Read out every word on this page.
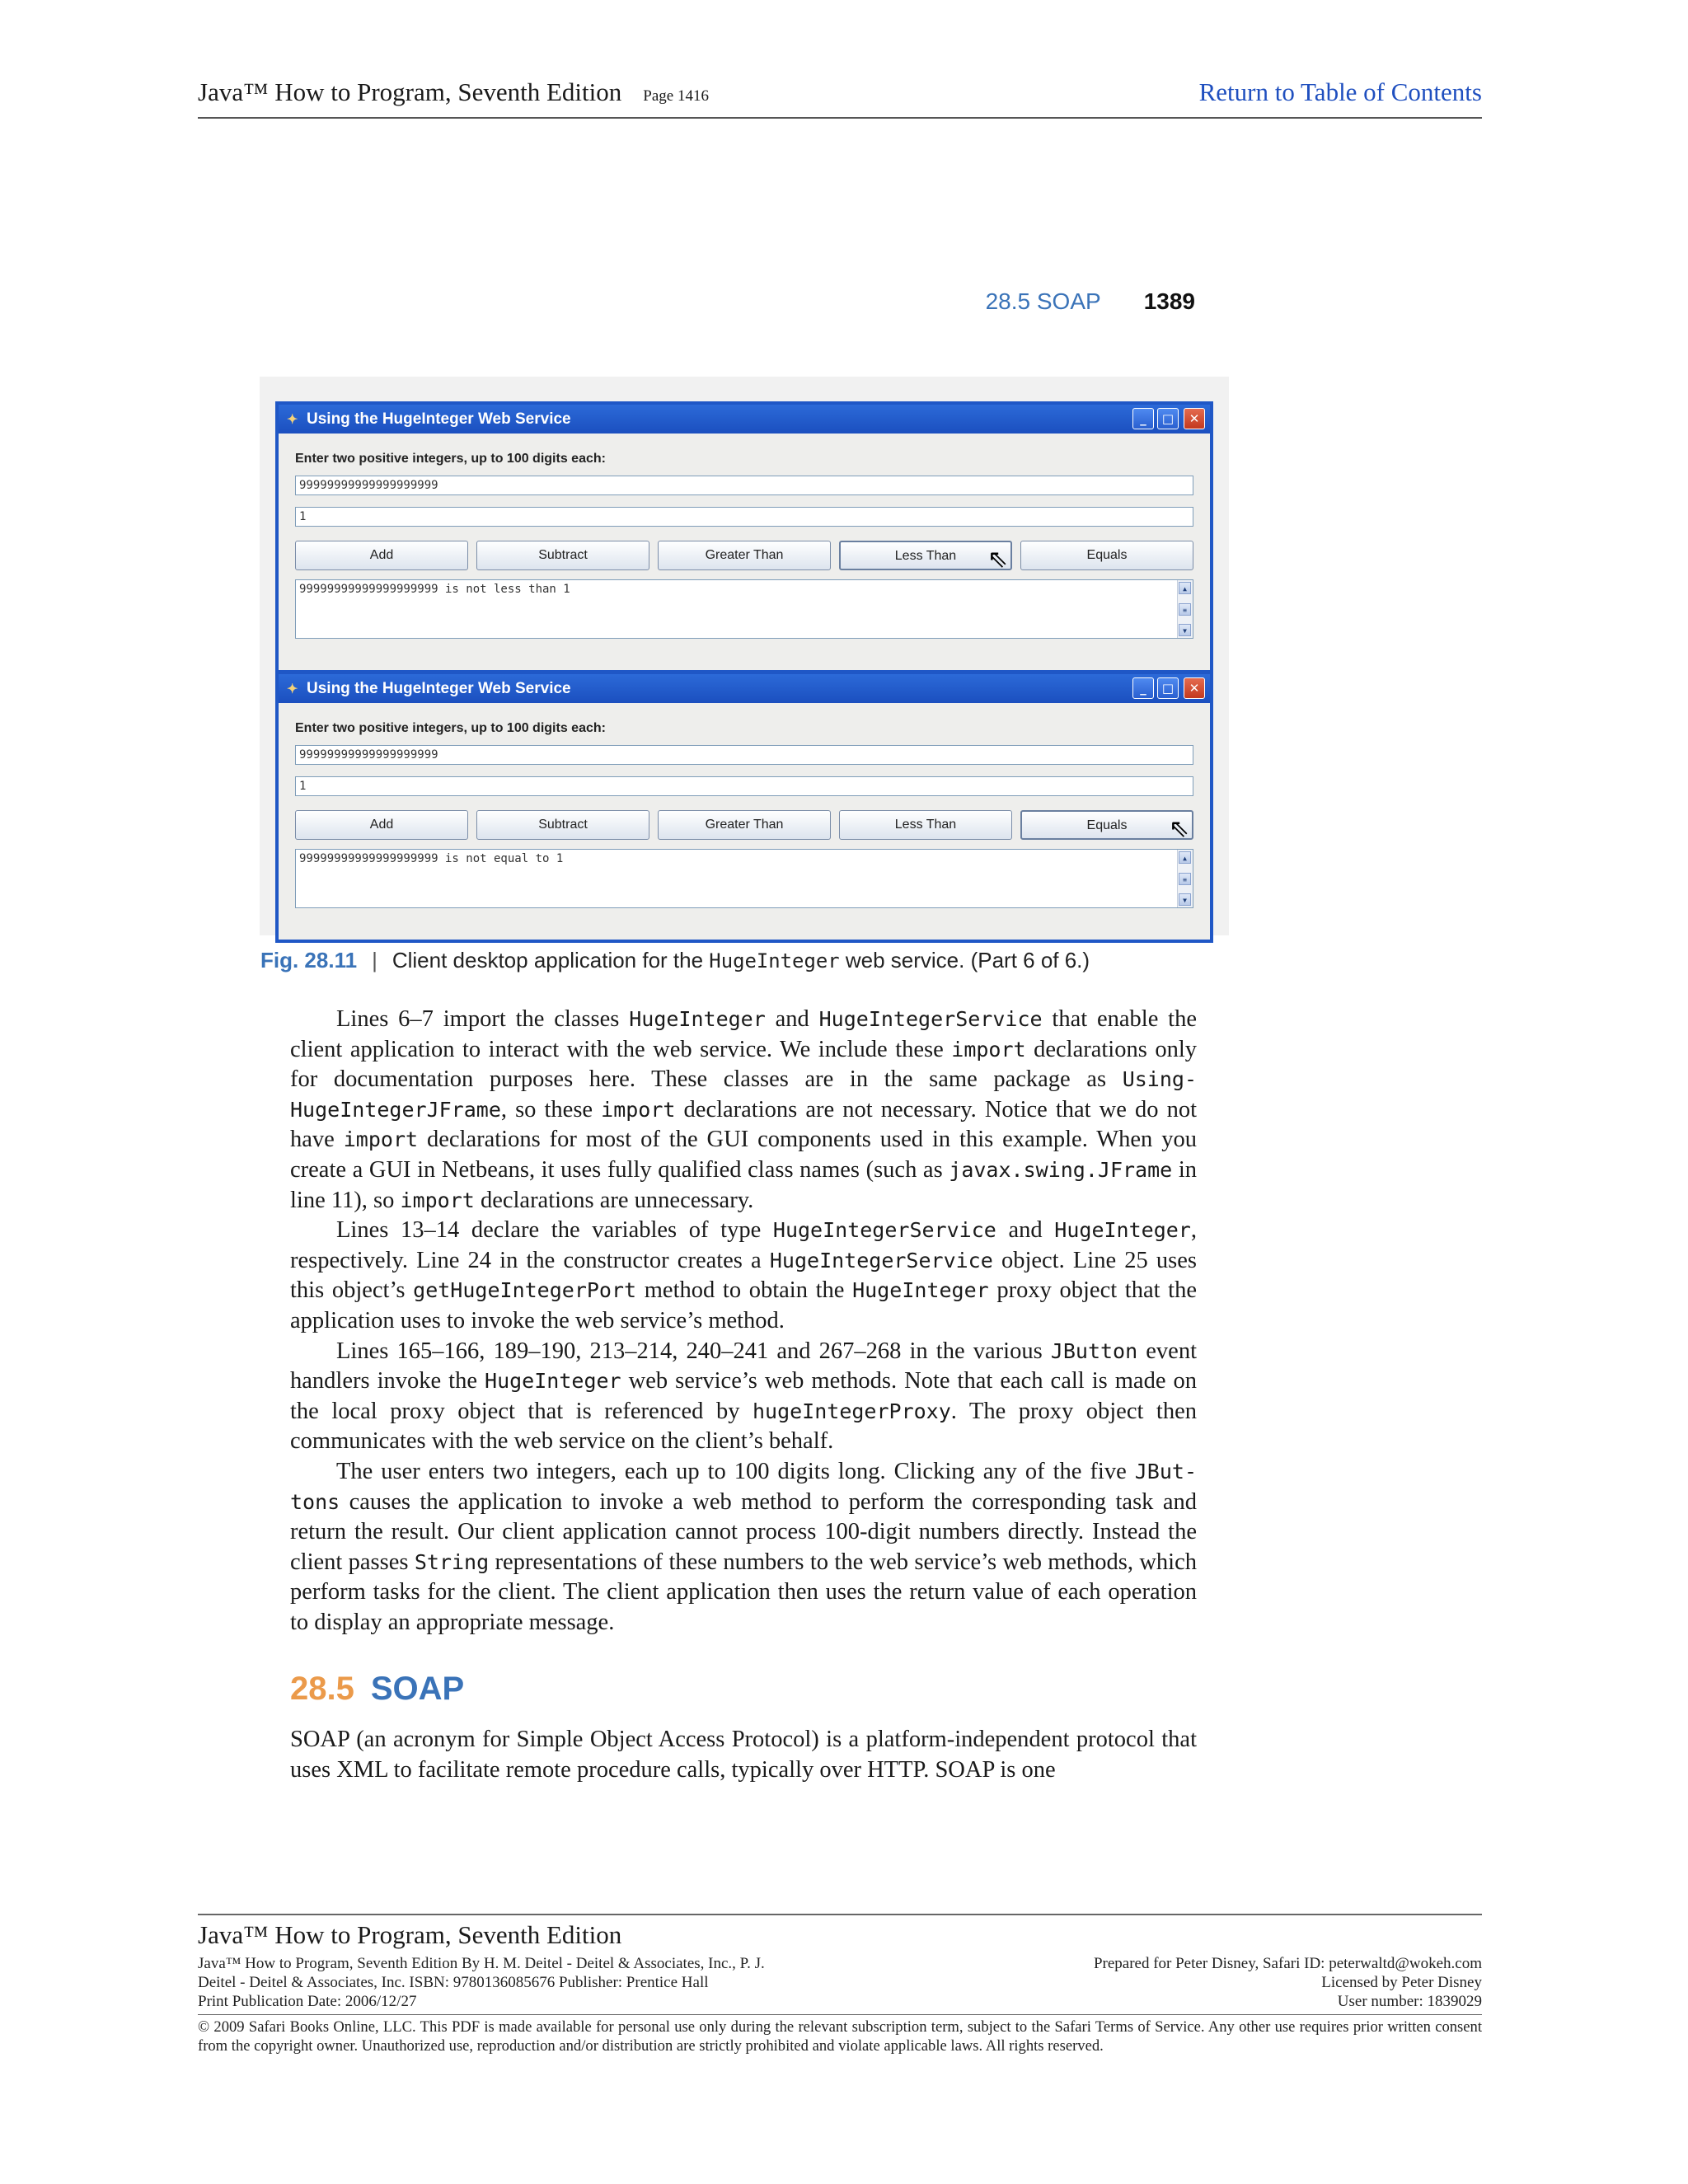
Java™ How to Program, Seventh Edition Page 1416	Return to Table of Contents
28.5 SOAP 1389
✦ Using the HugeInteger Web Service	_	□	✕
Enter two positive integers, up to 100 digits each:
99999999999999999999
1
Add	Subtract	Greater Than	Less Than	Equals
99999999999999999999 is not less than 1	▲
≡
▼
⇖
✦ Using the HugeInteger Web Service	_	□	✕
Enter two positive integers, up to 100 digits each:
99999999999999999999
1
Add	Subtract	Greater Than	Less Than	Equals
99999999999999999999 is not equal to 1	▲
≡
▼
⇖
Fig. 28.11 | Client desktop application for the HugeInteger web service. (Part 6 of 6.)

Lines 6–7 import the classes HugeInteger and HugeIntegerService that enable the client application to interact with the web service. We include these import declarations only for documentation purposes here. These classes are in the same package as Using-HugeIntegerJFrame, so these import declarations are not necessary. Notice that we do not have import declarations for most of the GUI components used in this example. When you create a GUI in Netbeans, it uses fully qualified class names (such as javax.swing.JFrame in line 11), so import declarations are unnecessary.

Lines 13–14 declare the variables of type HugeIntegerService and HugeInteger, respectively. Line 24 in the constructor creates a HugeIntegerService object. Line 25 uses this object’s getHugeIntegerPort method to obtain the HugeInteger proxy object that the application uses to invoke the web service’s method.

Lines 165–166, 189–190, 213–214, 240–241 and 267–268 in the various JButton event handlers invoke the HugeInteger web service’s web methods. Note that each call is made on the local proxy object that is referenced by hugeIntegerProxy. The proxy object then communicates with the web service on the client’s behalf.

The user enters two integers, each up to 100 digits long. Clicking any of the five JBut-tons causes the application to invoke a web method to perform the corresponding task and return the result. Our client application cannot process 100-digit numbers directly. Instead the client passes String representations of these numbers to the web service’s web methods, which perform tasks for the client. The client application then uses the return value of each operation to display an appropriate message.

28.5 SOAP

SOAP (an acronym for Simple Object Access Protocol) is a platform-independent protocol that uses XML to facilitate remote procedure calls, typically over HTTP. SOAP is one

Java™ How to Program, Seventh Edition
Java™ How to Program, Seventh Edition By H. M. Deitel - Deitel & Associates, Inc., P. J.
Deitel - Deitel & Associates, Inc. ISBN: 9780136085676 Publisher: Prentice Hall
Print Publication Date: 2006/12/27
Prepared for Peter Disney, Safari ID: peterwaltd@wokeh.com
Licensed by Peter Disney
User number: 1839029
© 2009 Safari Books Online, LLC. This PDF is made available for personal use only during the relevant subscription term, subject to the Safari Terms of Service. Any other use requires prior written consent from the copyright owner. Unauthorized use, reproduction and/or distribution are strictly prohibited and violate applicable laws. All rights reserved.
